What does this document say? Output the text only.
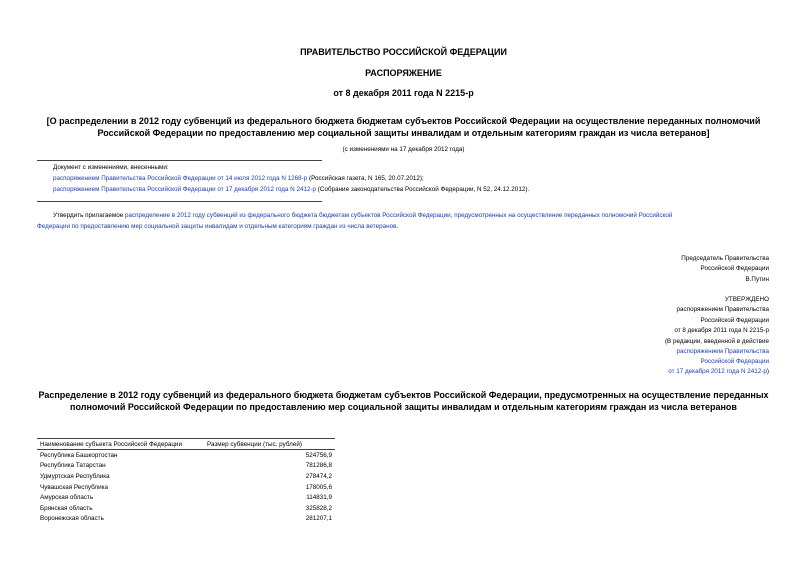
ПРАВИТЕЛЬСТВО РОССИЙСКОЙ ФЕДЕРАЦИИ
РАСПОРЯЖЕНИЕ
от 8 декабря 2011 года N 2215-р
[О распределении в 2012 году субвенций из федерального бюджета бюджетам субъектов Российской Федерации на осуществление переданных полномочий
Российской Федерации по предоставлению мер социальной защиты инвалидам и отдельным категориям граждан из числа ветеранов]
(с изменениями на 17 декабря 2012 года)
Документ с изменениями, внесенными:
распоряжением Правительства Российской Федерации от 14 июля 2012 года N 1268-р (Российская газета, N 165, 20.07.2012);
распоряжением Правительства Российской Федерации от 17 декабря 2012 года N 2412-р (Собрание законодательства Российской Федерации, N 52, 24.12.2012).
Утвердить прилагаемое распределение в 2012 году субвенций из федерального бюджета бюджетам субъектов Российской Федерации, предусмотренных на осуществление переданных полномочий Российской
Федерации по предоставлению мер социальной защиты инвалидам и отдельным категориям граждан из числа ветеранов.
Председатель Правительства
Российской Федерации
В.Путин
УТВЕРЖДЕНО
распоряжением Правительства
Российской Федерации
от 8 декабря 2011 года N 2215-р
(В редакции, введенной в действие
распоряжением Правительства
Российской Федерации
от 17 декабря 2012 года N 2412-р)
Распределение в 2012 году субвенций из федерального бюджета бюджетам субъектов Российской Федерации, предусмотренных на осуществление переданных
полномочий Российской Федерации по предоставлению мер социальной защиты инвалидам и отдельным категориям граждан из числа ветеранов
Наименование субъекта Российской Федерации	Размер субвенции (тыс. рублей)
Республика Башкортостан	524756,9
Республика Татарстан	781286,8
Удмуртская Республика	278474,2
Чувашская Республика	178005,6
Амурская область	114831,9
Брянская область	325828,2
Воронежская область	281207,1
